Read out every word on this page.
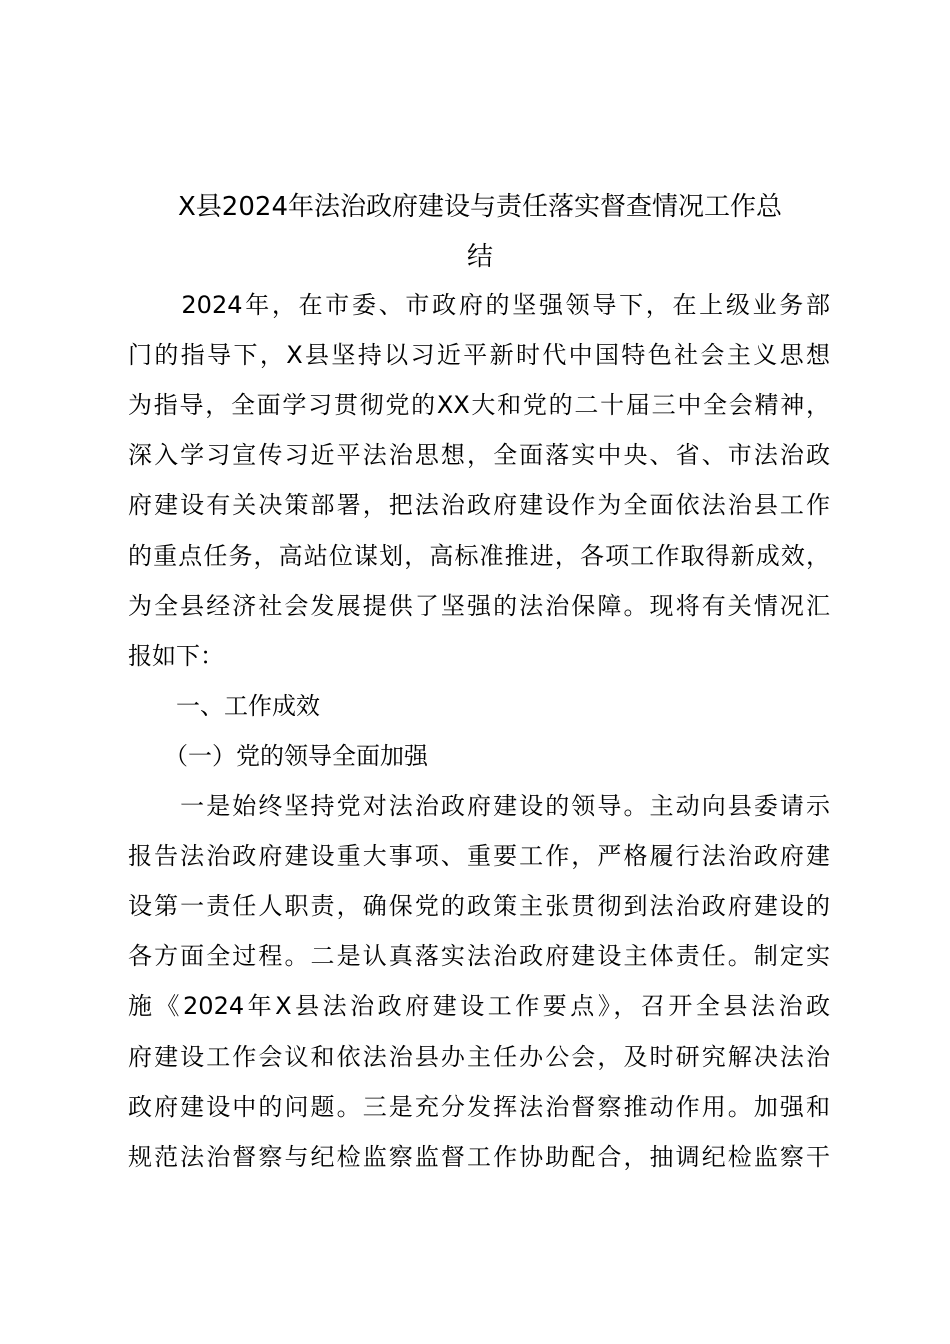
X县2024年法治政府建设与责任落实督查情况工作总
结
　　2024年，在市委、市政府的坚强领导下，在上级业务部
门的指导下，X县坚持以习近平新时代中国特色社会主义思想
为指导，全面学习贯彻党的XX大和党的二十届三中全会精神，
深入学习宣传习近平法治思想，全面落实中央、省、市法治政
府建设有关决策部署，把法治政府建设作为全面依法治县工作
的重点任务，高站位谋划，高标准推进，各项工作取得新成效，
为全县经济社会发展提供了坚强的法治保障。现将有关情况汇
报如下：
　　一、工作成效
　　（一）党的领导全面加强
　　一是始终坚持党对法治政府建设的领导。主动向县委请示
报告法治政府建设重大事项、重要工作，严格履行法治政府建
设第一责任人职责，确保党的政策主张贯彻到法治政府建设的
各方面全过程。二是认真落实法治政府建设主体责任。制定实
施《2024年X县法治政府建设工作要点》，召开全县法治政
府建设工作会议和依法治县办主任办公会，及时研究解决法治
政府建设中的问题。三是充分发挥法治督察推动作用。加强和
规范法治督察与纪检监察监督工作协助配合，抽调纪检监察干
